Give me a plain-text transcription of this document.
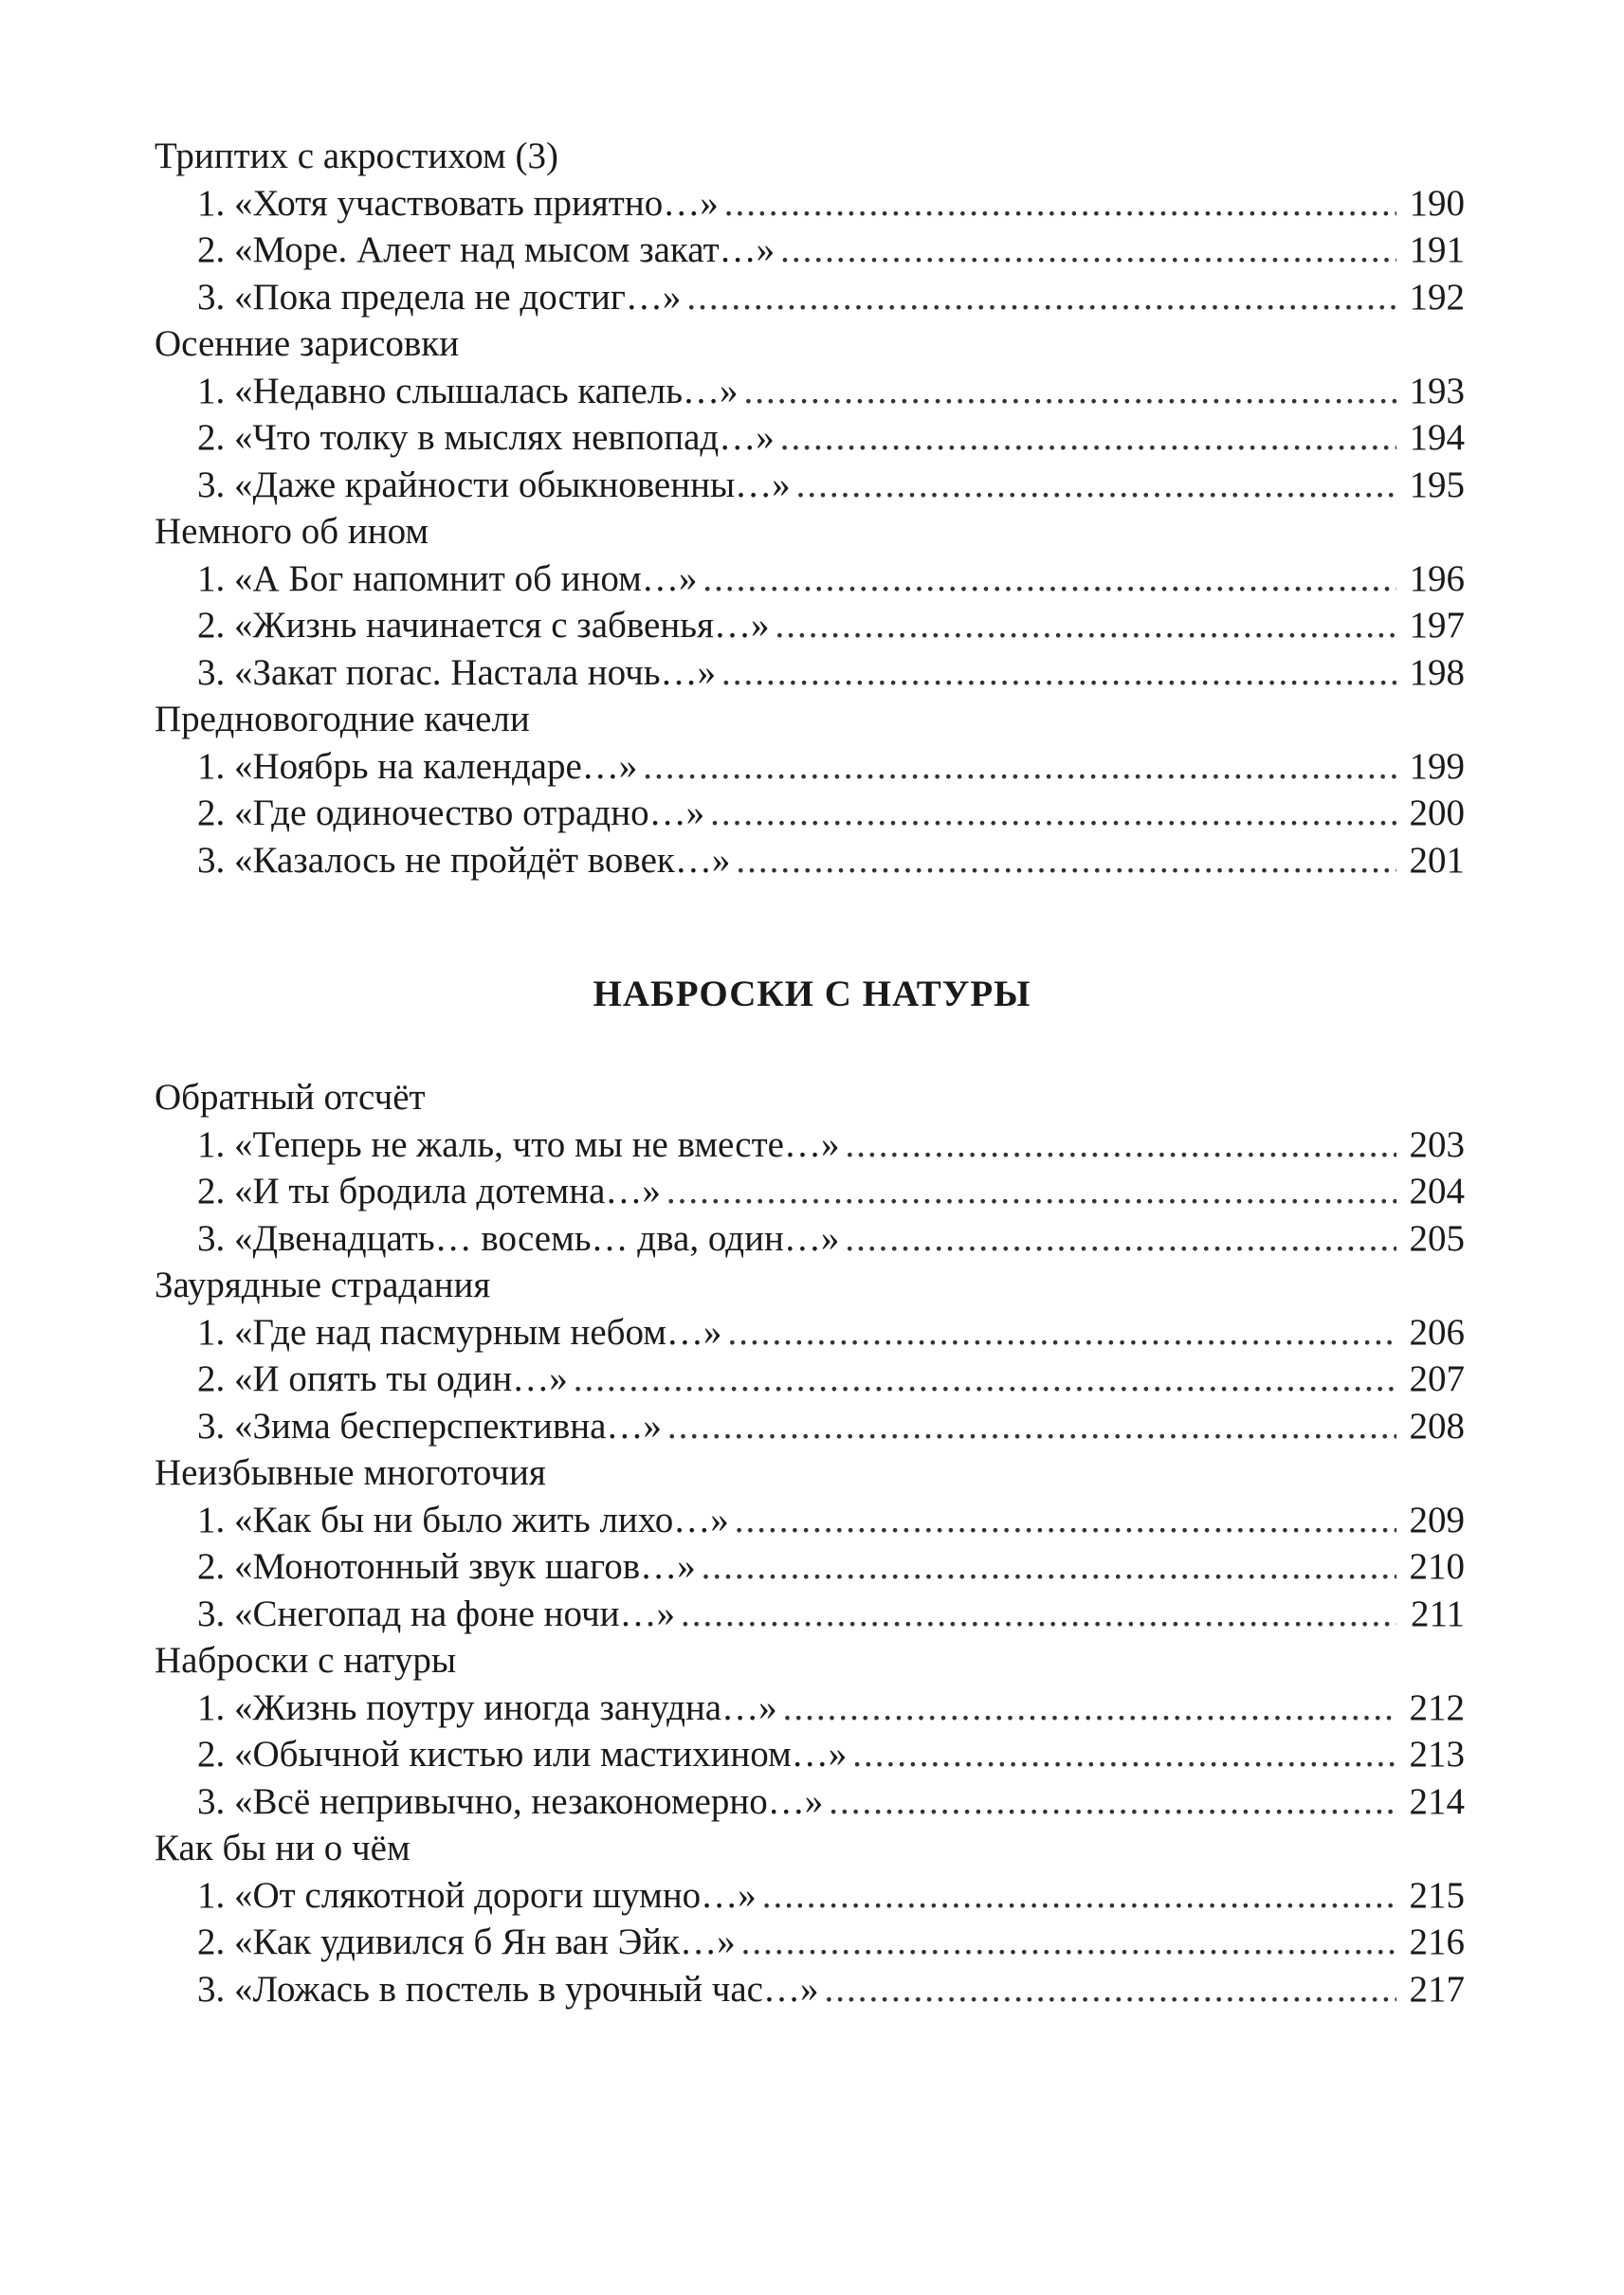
Триптих с акростихом (3)
1. «Хотя участвовать приятно…» .....	190
2. «Море. Алеет над мысом закат…» .....	191
3. «Пока предела не достиг…» .....	192
Осенние зарисовки
1. «Недавно слышалась капель…» .....	193
2. «Что толку в мыслях невпопад…» .....	194
3. «Даже крайности обыкновенны…» .....	195
Немного об ином
1. «А Бог напомнит об ином…» .....	196
2. «Жизнь начинается с забвенья…» .....	197
3. «Закат погас. Настала ночь…» .....	198
Предновогодние качели
1. «Ноябрь на календаре…» .....	199
2. «Где одиночество отрадно…» .....	200
3. «Казалось не пройдёт вовек…» .....	201
НАБРОСКИ С НАТУРЫ
Обратный отсчёт
1. «Теперь не жаль, что мы не вместе…» .....	203
2. «И ты бродила дотемна…» .....	204
3. «Двенадцать… восемь… два, один…» .....	205
Заурядные страдания
1. «Где над пасмурным небом…» .....	206
2. «И опять ты один…» .....	207
3. «Зима бесперспективна…» .....	208
Неизбывные многоточия
1. «Как бы ни было жить лихо…» .....	209
2. «Монотонный звук шагов…» .....	210
3. «Снегопад на фоне ночи…» .....	211
Наброски с натуры
1. «Жизнь поутру иногда занудна…» .....	212
2. «Обычной кистью или мастихином…» .....	213
3. «Всё непривычно, незакономерно…» .....	214
Как бы ни о чём
1. «От слякотной дороги шумно…» .....	215
2. «Как удивился б Ян ван Эйк…» .....	216
3. «Ложась в постель в урочный час…» .....	217
